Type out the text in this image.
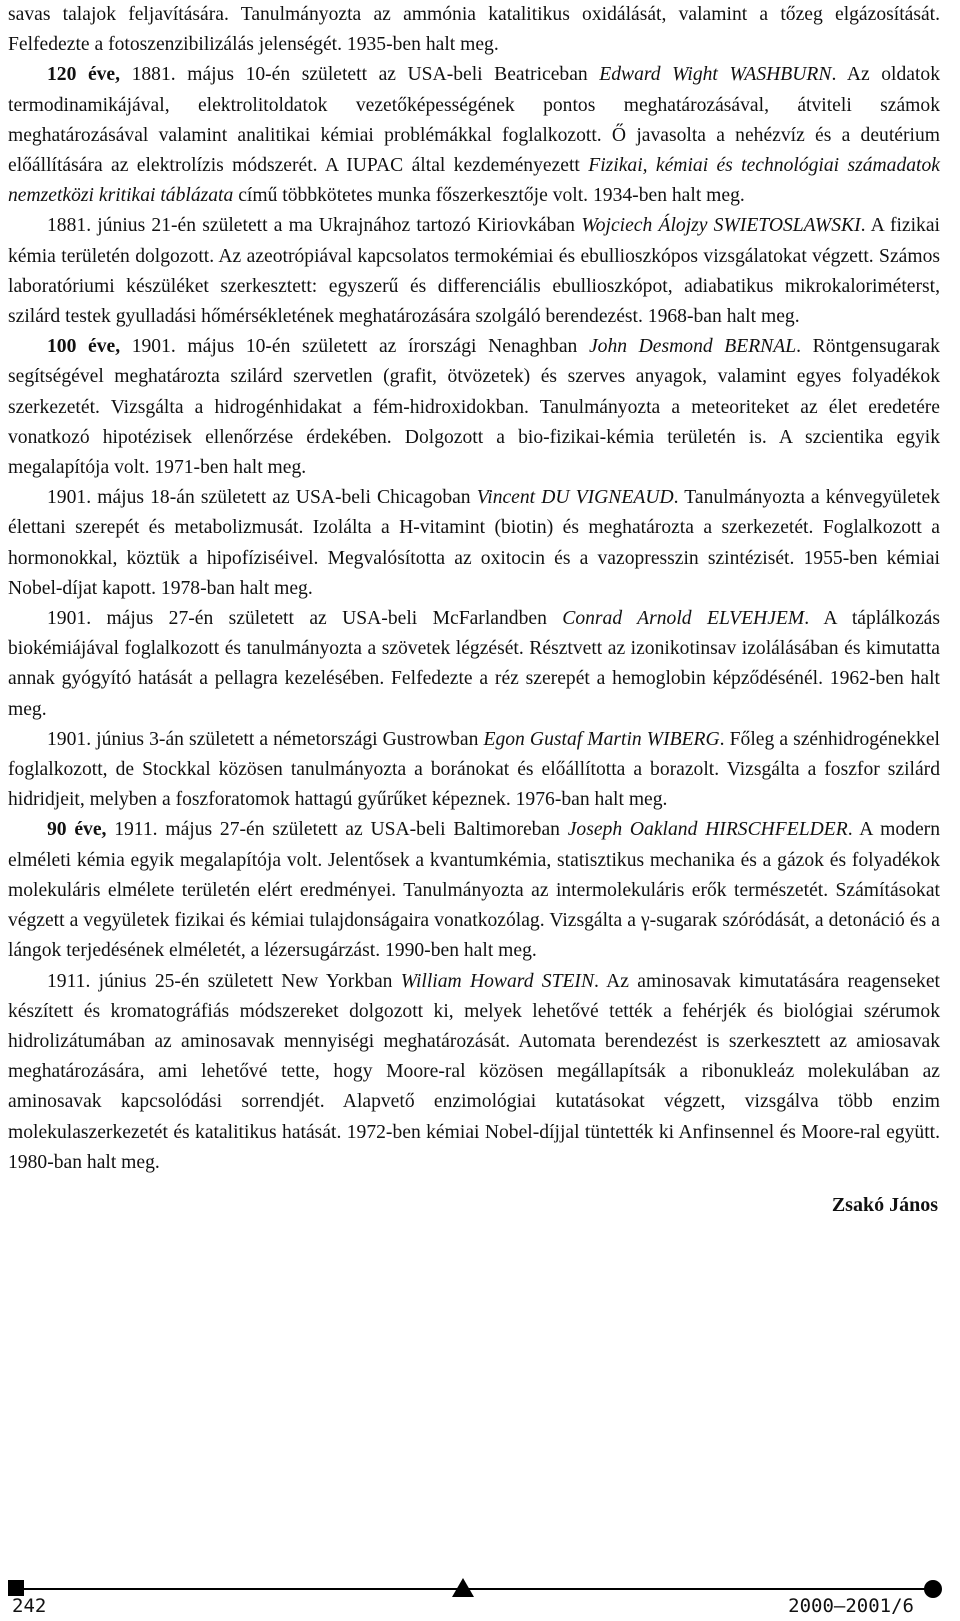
savas talajok feljavítására. Tanulmányozta az ammónia katalitikus oxidálását, valamint a tőzeg elgázosítását. Felfedezte a fotoszenzibilizálás jelenségét. 1935-ben halt meg.

120 éve, 1881. május 10-én született az USA-beli Beatriceban Edward Wight WASHBURN. Az oldatok termodinamikájával, elektrolitoldatok vezetőképességének pontos meghatározásával, átviteli számok meghatározásával valamint analitikai kémiai problémákkal foglalkozott. Ő javasolta a nehézvíz és a deutérium előállítására az elektrolízis módszerét. A IUPAC által kezdeményezett Fizikai, kémiai és technológiai számadatok nemzetközi kritikai táblázata című többkötetes munka főszerkesztője volt. 1934-ben halt meg.

1881. június 21-én született a ma Ukrajnához tartozó Kiriovkában Wojciech Álojzy SWIETOSLAWSKI. A fizikai kémia területén dolgozott. Az azeotrópiával kapcsolatos termokémiai és ebullioszkópos vizsgálatokat végzett. Számos laboratóriumi készüléket szerkesztett: egyszerű és differenciális ebullioszkópot, adiabatikus mikrokaloriméterst, szilárd testek gyulladási hőmérsékletének meghatározására szolgáló berendezést. 1968-ban halt meg.

100 éve, 1901. május 10-én született az írországi Nenaghban John Desmond BERNAL. Röntgensugarak segítségével meghatározta szilárd szervetlen (grafit, ötvözetek) és szerves anyagok, valamint egyes folyadékok szerkezetét. Vizsgálta a hidrogénhidakat a fém-hidroxidokban. Tanulmányozta a meteoriteket az élet eredetére vonatkozó hipotézisek ellenőrzése érdekében. Dolgozott a bio-fizikai-kémia területén is. A szcientika egyik megalapítója volt. 1971-ben halt meg.

1901. május 18-án született az USA-beli Chicagoban Vincent DU VIGNEAUD. Tanulmányozta a kénvegyületek élettani szerepét és metabolizmusát. Izolálta a H-vitamint (biotin) és meghatározta a szerkezetét. Foglalkozott a hormonokkal, köztük a hipofíziséivel. Megvalósította az oxitocin és a vazopresszin szintézisét. 1955-ben kémiai Nobel-díjat kapott. 1978-ban halt meg.

1901. május 27-én született az USA-beli McFarlandben Conrad Arnold ELVEHJEM. A táplálkozás biokémiájával foglalkozott és tanulmányozta a szövetek légzését. Résztvett az izonikotinsav izolálásában és kimutatta annak gyógyító hatását a pellagra kezelésében. Felfedezte a réz szerepét a hemoglobin képződésénél. 1962-ben halt meg.

1901. június 3-án született a németországi Gustrowban Egon Gustaf Martin WIBERG. Főleg a szénhidrogénekkel foglalkozott, de Stockkal közösen tanulmányozta a boránokat és előállította a borazolt. Vizsgálta a foszfor szilárd hidridjeit, melyben a foszforatomok hattagú gyűrűket képeznek. 1976-ban halt meg.

90 éve, 1911. május 27-én született az USA-beli Baltimoreban Joseph Oakland HIRSCHFELDER. A modern elméleti kémia egyik megalapítója volt. Jelentősek a kvantumkémia, statisztikus mechanika és a gázok és folyadékok molekuláris elmélete területén elért eredményei. Tanulmányozta az intermolekuláris erők természetét. Számításokat végzett a vegyületek fizikai és kémiai tulajdonságaira vonatkozólag. Vizsgálta a γ-sugarak szóródását, a detonáció és a lángok terjedésének elméletét, a lézersugárzást. 1990-ben halt meg.

1911. június 25-én született New Yorkban William Howard STEIN. Az aminosavak kimutatására reagenseket készített és kromatográfiás módszereket dolgozott ki, melyek lehetővé tették a fehérjék és biológiai szérumok hidrolizátumában az aminosavak mennyiségi meghatározását. Automata berendezést is szerkesztett az amiosavak meghatározására, ami lehetővé tette, hogy Moore-ral közösen megállapítsák a ribonukleáz molekulában az aminosavak kapcsolódási sorrendjét. Alapvető enzimológiai kutatásokat végzett, vizsgálva több enzim molekulaszerkezetét és katalitikus hatását. 1972-ben kémiai Nobel-díjjal tüntették ki Anfinsennel és Moore-ral együtt. 1980-ban halt meg.

Zsakó János
242	2000–2001/6
